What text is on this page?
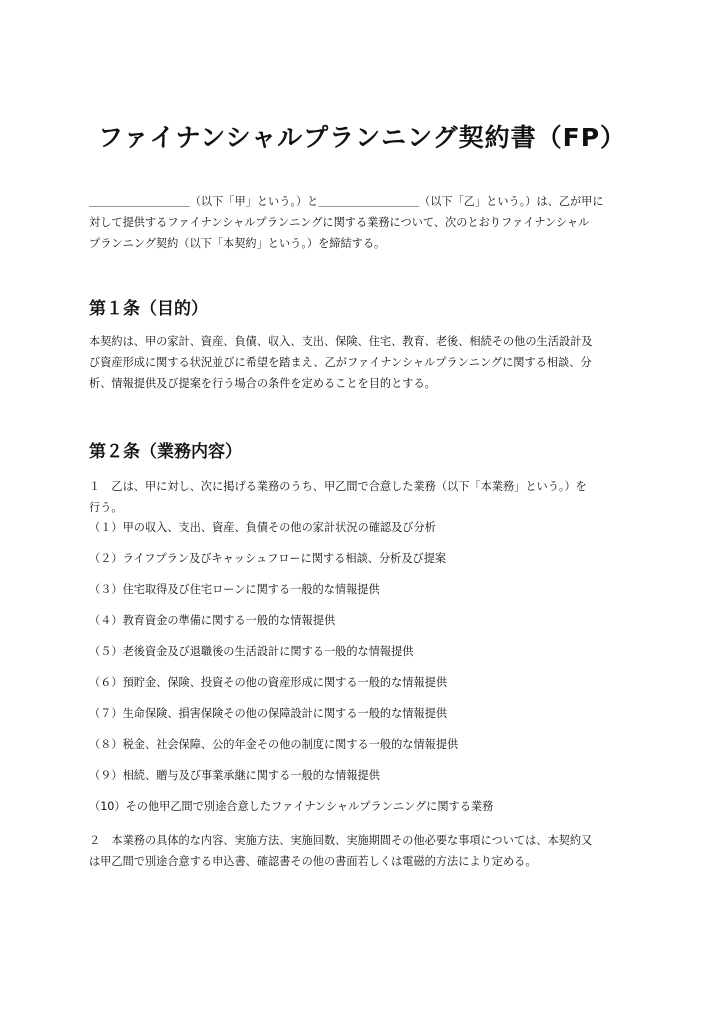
ファイナンシャルプランニング契約書（FP）

＿＿＿＿＿＿＿＿＿（以下「甲」という。）と＿＿＿＿＿＿＿＿＿（以下「乙」という。）は、乙が甲に
対して提供するファイナンシャルプランニングに関する業務について、次のとおりファイナンシャル
プランニング契約（以下「本契約」という。）を締結する。

第１条（目的）

本契約は、甲の家計、資産、負債、収入、支出、保険、住宅、教育、老後、相続その他の生活設計及
び資産形成に関する状況並びに希望を踏まえ、乙がファイナンシャルプランニングに関する相談、分
析、情報提供及び提案を行う場合の条件を定めることを目的とする。

第２条（業務内容）

１　乙は、甲に対し、次に掲げる業務のうち、甲乙間で合意した業務（以下「本業務」という。）を
行う。

（１）甲の収入、支出、資産、負債その他の家計状況の確認及び分析
（２）ライフプラン及びキャッシュフローに関する相談、分析及び提案
（３）住宅取得及び住宅ローンに関する一般的な情報提供
（４）教育資金の準備に関する一般的な情報提供
（５）老後資金及び退職後の生活設計に関する一般的な情報提供
（６）預貯金、保険、投資その他の資産形成に関する一般的な情報提供
（７）生命保険、損害保険その他の保障設計に関する一般的な情報提供
（８）税金、社会保障、公的年金その他の制度に関する一般的な情報提供
（９）相続、贈与及び事業承継に関する一般的な情報提供
（10）その他甲乙間で別途合意したファイナンシャルプランニングに関する業務

２　本業務の具体的な内容、実施方法、実施回数、実施期間その他必要な事項については、本契約又
は甲乙間で別途合意する申込書、確認書その他の書面若しくは電磁的方法により定める。
